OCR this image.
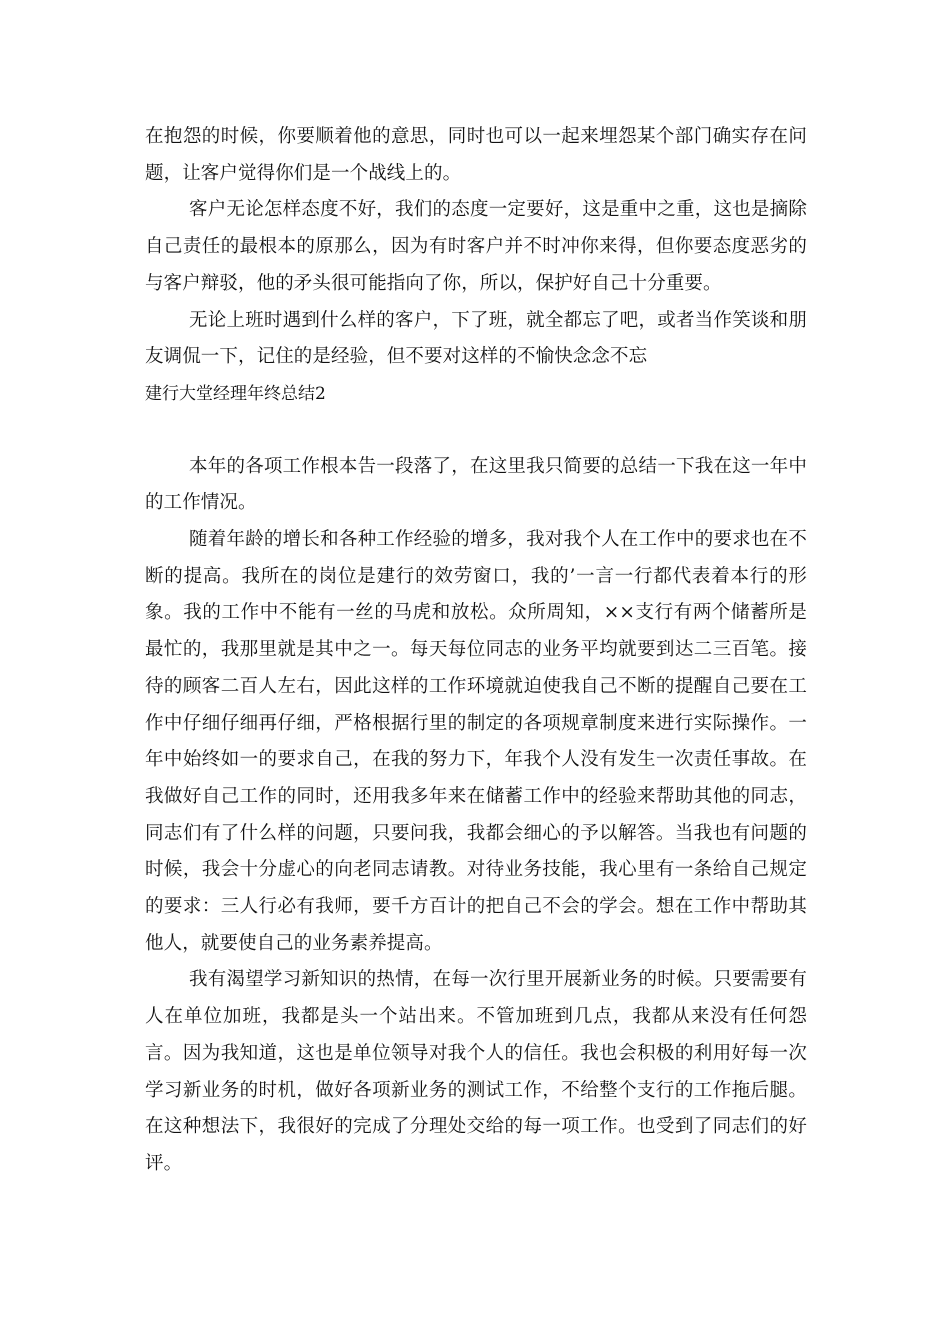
在抱怨的时候，你要顺着他的意思，同时也可以一起来埋怨某个部门确实存在问题，让客户觉得你们是一个战线上的。

客户无论怎样态度不好，我们的态度一定要好，这是重中之重，这也是摘除自己责任的最根本的原那么，因为有时客户并不时冲你来得，但你要态度恶劣的与客户辩驳，他的矛头很可能指向了你，所以，保护好自己十分重要。

无论上班时遇到什么样的客户，下了班，就全都忘了吧，或者当作笑谈和朋友调侃一下，记住的是经验，但不要对这样的不愉快念念不忘

建行大堂经理年终总结2

本年的各项工作根本告一段落了，在这里我只简要的总结一下我在这一年中的工作情况。

随着年龄的增长和各种工作经验的增多，我对我个人在工作中的要求也在不断的提高。我所在的岗位是建行的效劳窗口，我的’一言一行都代表着本行的形象。我的工作中不能有一丝的马虎和放松。众所周知，××支行有两个储蓄所是最忙的，我那里就是其中之一。每天每位同志的业务平均就要到达二三百笔。接待的顾客二百人左右，因此这样的工作环境就迫使我自己不断的提醒自己要在工作中仔细仔细再仔细，严格根据行里的制定的各项规章制度来进行实际操作。一年中始终如一的要求自己，在我的努力下，年我个人没有发生一次责任事故。在我做好自己工作的同时，还用我多年来在储蓄工作中的经验来帮助其他的同志，同志们有了什么样的问题，只要问我，我都会细心的予以解答。当我也有问题的时候，我会十分虚心的向老同志请教。对待业务技能，我心里有一条给自己规定的要求：三人行必有我师，要千方百计的把自己不会的学会。想在工作中帮助其他人，就要使自己的业务素养提高。

我有渴望学习新知识的热情，在每一次行里开展新业务的时候。只要需要有人在单位加班，我都是头一个站出来。不管加班到几点，我都从来没有任何怨言。因为我知道，这也是单位领导对我个人的信任。我也会积极的利用好每一次学习新业务的时机，做好各项新业务的测试工作，不给整个支行的工作拖后腿。在这种想法下，我很好的完成了分理处交给的每一项工作。也受到了同志们的好评。
